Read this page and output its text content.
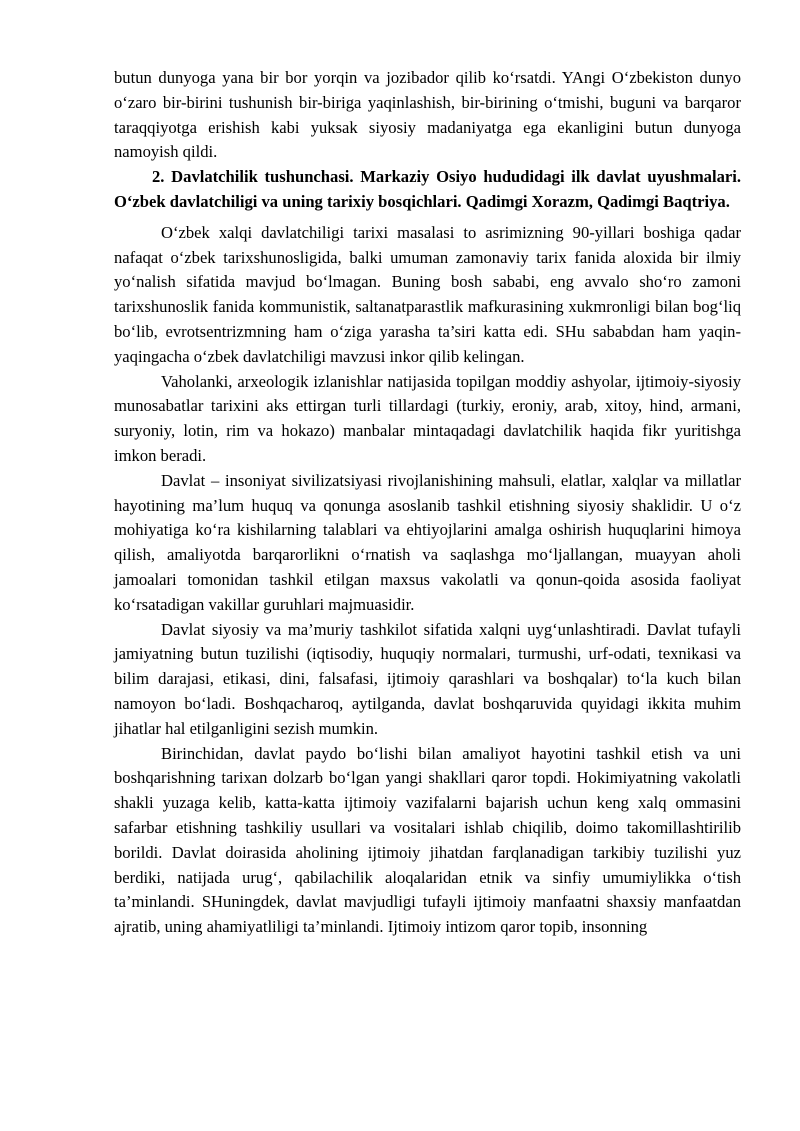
butun dunyoga yana bir bor yorqin va jozibador qilib ko‘rsatdi. YAngi O‘zbekiston dunyo o‘zaro bir-birini tushunish bir-biriga yaqinlashish, bir-birining o‘tmishi, buguni va barqaror taraqqiyotga erishish kabi yuksak siyosiy madaniyatga ega ekanligini butun dunyoga namoyish qildi.

2. Davlatchilik tushunchasi. Markaziy Osiyo hududidagi ilk davlat uyushmalari. O‘zbek davlatchiligi va uning tarixiy bosqichlari. Qadimgi Xorazm, Qadimgi Baqtriya.

O‘zbek xalqi davlatchiligi tarixi masalasi to asrimizning 90-yillari boshiga qadar nafaqat o‘zbek tarixshunosligida, balki umuman zamonaviy tarix fanida aloxida bir ilmiy yo‘nalish sifatida mavjud bo‘lmagan. Buning bosh sababi, eng avvalo sho‘ro zamoni tarixshunoslik fanida kommunistik, saltanatparastlik mafkurasining xukmronligi bilan bog‘liq bo‘lib, evrotsentrizmning ham o‘ziga yarasha ta’siri katta edi. SHu sababdan ham yaqin-yaqingacha o‘zbek davlatchiligi mavzusi inkor qilib kelingan.

Vaholanki, arxeologik izlanishlar natijasida topilgan moddiy ashyolar, ijtimoiy-siyosiy munosabatlar tarixini aks ettirgan turli tillardagi (turkiy, eroniy, arab, xitoy, hind, armani, suryoniy, lotin, rim va hokazo) manbalar mintaqadagi davlatchilik haqida fikr yuritishga imkon beradi.

Davlat – insoniyat sivilizatsiyasi rivojlanishining mahsuli, elatlar, xalqlar va millatlar hayotining ma’lum huquq va qonunga asoslanib tashkil etishning siyosiy shaklidir. U o‘z mohiyatiga ko‘ra kishilarning talablari va ehtiyojlarini amalga oshirish huquqlarini himoya qilish, amaliyotda barqarorlikni o‘rnatish va saqlashga mo‘ljallangan, muayyan aholi jamoalari tomonidan tashkil etilgan maxsus vakolatli va qonun-qoida asosida faoliyat ko‘rsatadigan vakillar guruhlari majmuasidir.

Davlat siyosiy va ma’muriy tashkilot sifatida xalqni uyg‘unlashtiradi. Davlat tufayli jamiyatning butun tuzilishi (iqtisodiy, huquqiy normalari, turmushi, urf-odati, texnikasi va bilim darajasi, etikasi, dini, falsafasi, ijtimoiy qarashlari va boshqalar) to‘la kuch bilan namoyon bo‘ladi. Boshqacharoq, aytilganda, davlat boshqaruvida quyidagi ikkita muhim jihatlar hal etilganligini sezish mumkin.

Birinchidan, davlat paydo bo‘lishi bilan amaliyot hayotini tashkil etish va uni boshqarishning tarixan dolzarb bo‘lgan yangi shakllari qaror topdi. Hokimiyatning vakolatli shakli yuzaga kelib, katta-katta ijtimoiy vazifalarni bajarish uchun keng xalq ommasini safarbar etishning tashkiliy usullari va vositalari ishlab chiqilib, doimo takomillashtirilib borildi. Davlat doirasida aholining ijtimoiy jihatdan farqlanadigan tarkibiy tuzilishi yuz berdiki, natijada urug‘, qabilachilik aloqalaridan etnik va sinfiy umumiylikka o‘tish ta’minlandi. SHuningdek, davlat mavjudligi tufayli ijtimoiy manfaatni shaxsiy manfaatdan ajratib, uning ahamiyatliligi ta’minlandi. Ijtimoiy intizom qaror topib, insonning
